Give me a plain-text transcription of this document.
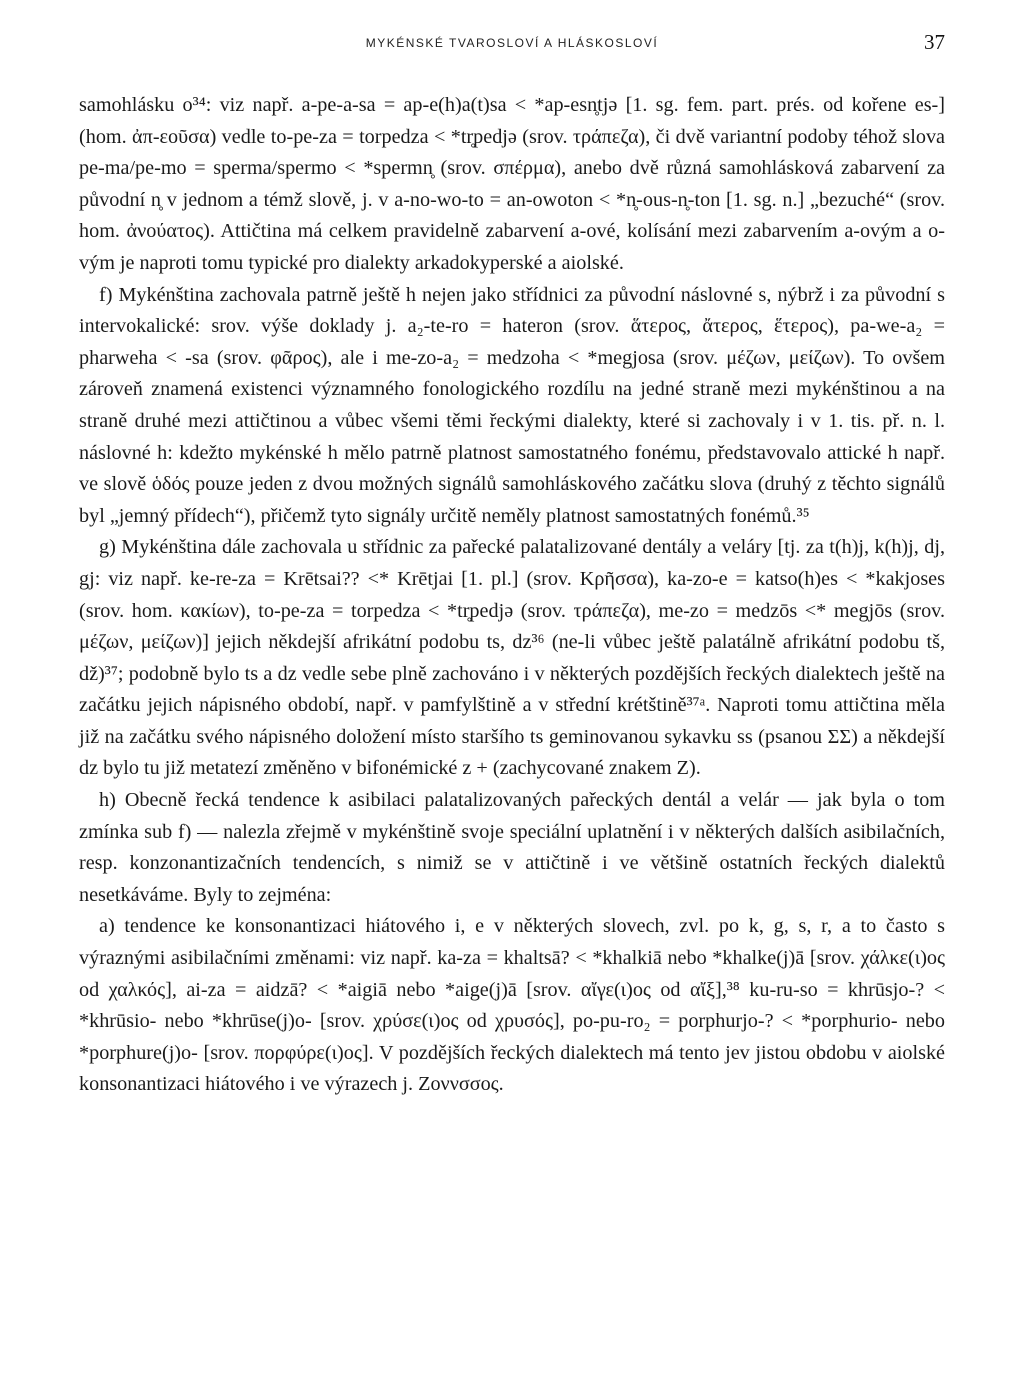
MYKÉNSKÉ TVAROSLOVÍ A HLÁSKOSLOVÍ	37

samohlásku o³⁴: viz např. a-pe-a-sa = ap-e(h)a(t)sa < *ap-esn̥tjə [1. sg. fem. part. prés. od kořene es-] (hom. ἀπ-εοῦσα) vedle to-pe-za = torpedza < *tr̥pedjə (srov. τράπεζα), či dvě variantní podoby téhož slova pe-ma/pe-mo = sperma/spermo < *spermn̥ (srov. σπέρμα), anebo dvě různá samohlásková zabarvení za původní n̥ v jednom a témž slově, j. v a-no-wo-to = an-owoton < *n̥-ous-n̥-ton [1. sg. n.] „bezuché“ (srov. hom. ἀνούατος). Attičtina má celkem pravidelně zabarvení a-ové, kolísání mezi zabarvením a-ovým a o-vým je naproti tomu typické pro dialekty arkadokyperské a aiolské.

f) Mykénština zachovala patrně ještě h nejen jako střídnici za původní náslovné s, nýbrž i za původní s intervokalické: srov. výše doklady j. a₂-te-ro = hateron (srov. ἅτερος, ἄτερος, ἕτερος), pa-we-a₂ = pharweha < -sa (srov. φᾶρος), ale i me-zo-a₂ = medzoha < *megjosa (srov. μέζων, μείζων). To ovšem zároveň znamená existenci významného fonologického rozdílu na jedné straně mezi mykénštinou a na straně druhé mezi attičtinou a vůbec všemi těmi řeckými dialekty, které si zachovaly i v 1. tis. př. n. l. náslovné h: kdežto mykénské h mělo patrně platnost samostatného fonému, představovalo attické h např. ve slově ὁδός pouze jeden z dvou možných signálů samohláskového začátku slova (druhý z těchto signálů byl „jemný přídech“), přičemž tyto signály určitě neměly platnost samostatných fonémů.³⁵

g) Mykénština dále zachovala u střídnic za pařecké palatalizované dentály a veláry [tj. za t(h)j, k(h)j, dj, gj: viz např. ke-re-za = Krētsai?? <* Krētjai [1. pl.] (srov. Κρῆσσα), ka-zo-e = katso(h)es < *kakjoses (srov. hom. κακίων), to-pe-za = torpedza < *tr̥pedjə (srov. τράπεζα), me-zo = medzōs <* megjōs (srov. μέζων, μείζων)] jejich někdejší afrikátní podobu ts, dz³⁶ (ne-li vůbec ještě palatálně afrikátní podobu tš, dž)³⁷; podobně bylo ts a dz vedle sebe plně zachováno i v některých pozdějších řeckých dialektech ještě na začátku jejich nápisného období, např. v pamfylštině a v střední krétštině³⁷ᵃ. Naproti tomu attičtina měla již na začátku svého nápisného doložení místo staršího ts geminovanou sykavku ss (psanou ΣΣ) a někdejší dz bylo tu již metatezí změněno v bifonémické z + (zachycované znakem Z).

h) Obecně řecká tendence k asibilaci palatalizovaných pařeckých dentál a velár — jak byla o tom zmínka sub f) — nalezla zřejmě v mykénštině svoje speciální uplatnění i v některých dalších asibilačních, resp. konzonantizačních tendencích, s nimiž se v attičtině i ve většině ostatních řeckých dialektů nesetkáváme. Byly to zejména:

a) tendence ke konsonantizaci hiátového i, e v některých slovech, zvl. po k, g, s, r, a to často s výraznými asibilačními změnami: viz např. ka-za = khaltsā? < *khalkiā nebo *khalke(j)ā [srov. χάλκε(ι)ος od χαλκός], ai-za = aidzā? < *aigiā nebo *aige(j)ā [srov. αἴγε(ι)ος od αἴξ],³⁸ ku-ru-so = khrūsjo-? < *khrūsio- nebo *khrūse(j)o- [srov. χρύσε(ι)ος od χρυσός], po-pu-ro₂ = porphurjo-? < *porphurio- nebo *porphure(j)o- [srov. πορφύρε(ι)ος]. V pozdějších řeckých dialektech má tento jev jistou obdobu v aiolské konsonantizaci hiátového i ve výrazech j. Ζοννσσος.
